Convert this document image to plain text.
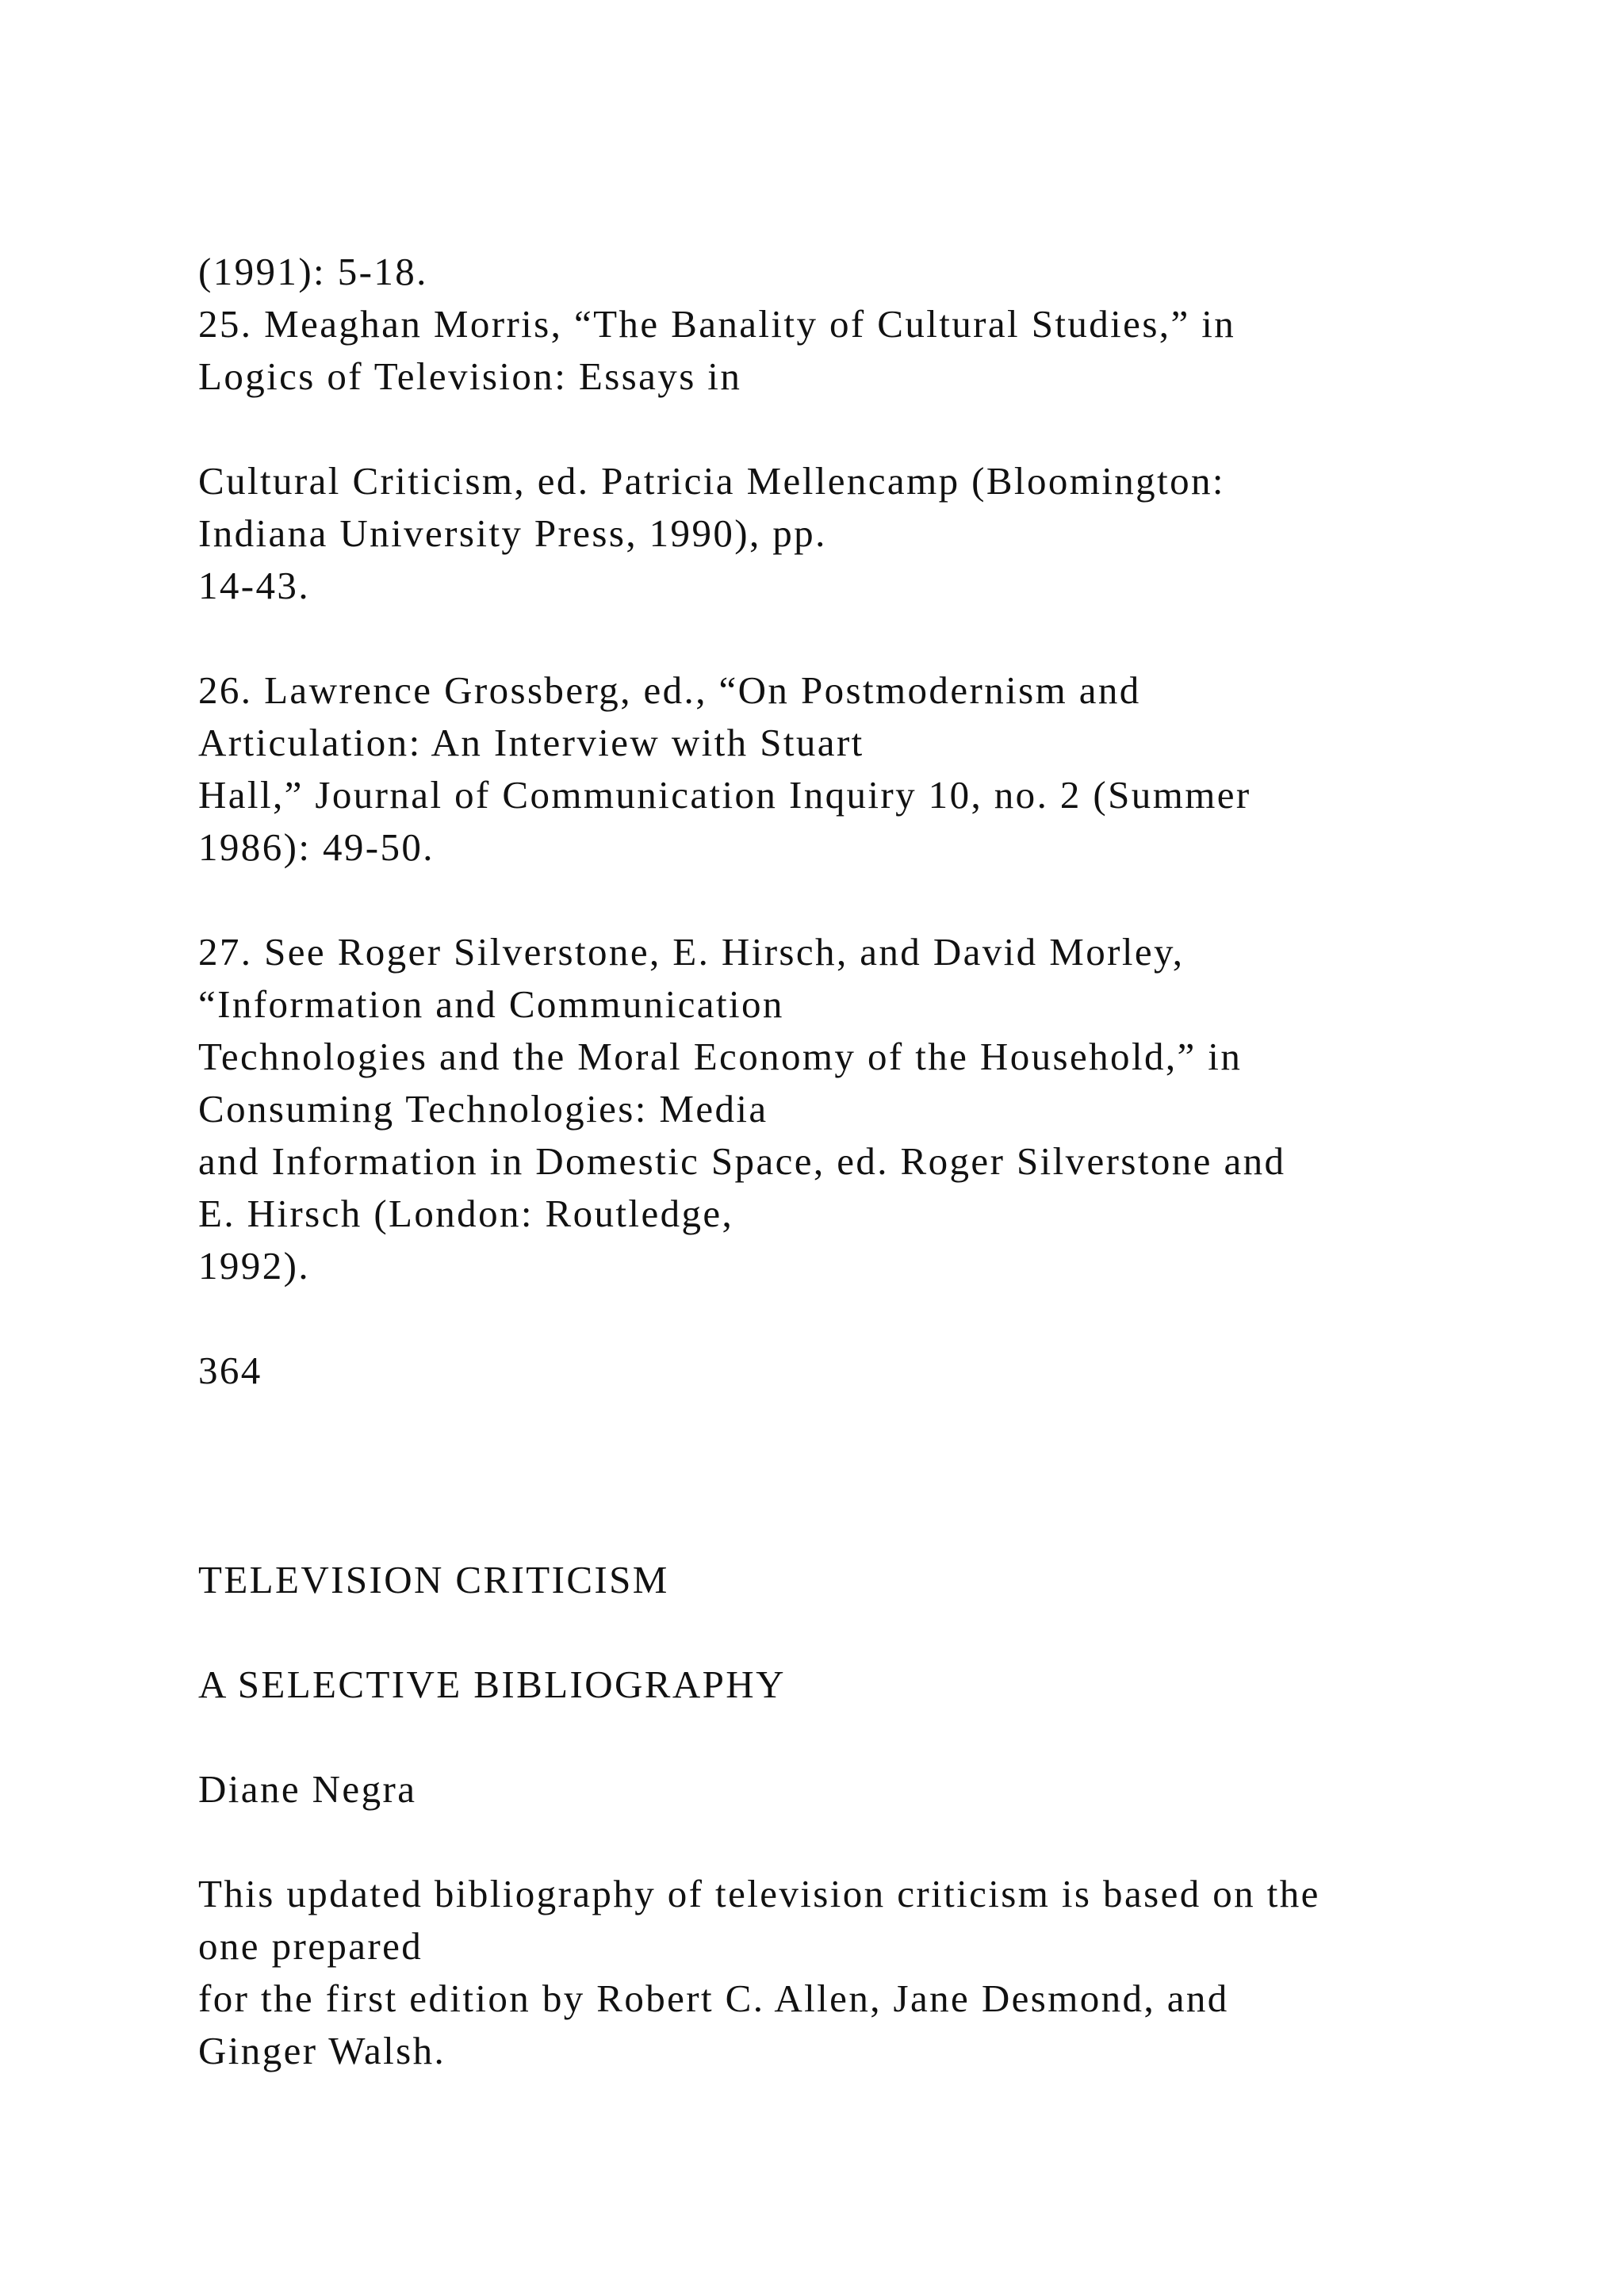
(1991): 5-18.
25. Meaghan Morris, “The Banality of Cultural Studies,” in
Logics of Television: Essays in
Cultural Criticism, ed. Patricia Mellencamp (Bloomington:
Indiana University Press, 1990), pp.
14-43.
26. Lawrence Grossberg, ed., “On Postmodernism and
Articulation: An Interview with Stuart
Hall,” Journal of Communication Inquiry 10, no. 2 (Summer
1986): 49-50.
27. See Roger Silverstone, E. Hirsch, and David Morley,
“Information and Communication
Technologies and the Moral Economy of the Household,” in
Consuming Technologies: Media
and Information in Domestic Space, ed. Roger Silverstone and
E. Hirsch (London: Routledge,
1992).
364
TELEVISION CRITICISM
A SELECTIVE BIBLIOGRAPHY
Diane Negra
This updated bibliography of television criticism is based on the
one prepared
for the first edition by Robert C. Allen, Jane Desmond, and
Ginger Walsh.
